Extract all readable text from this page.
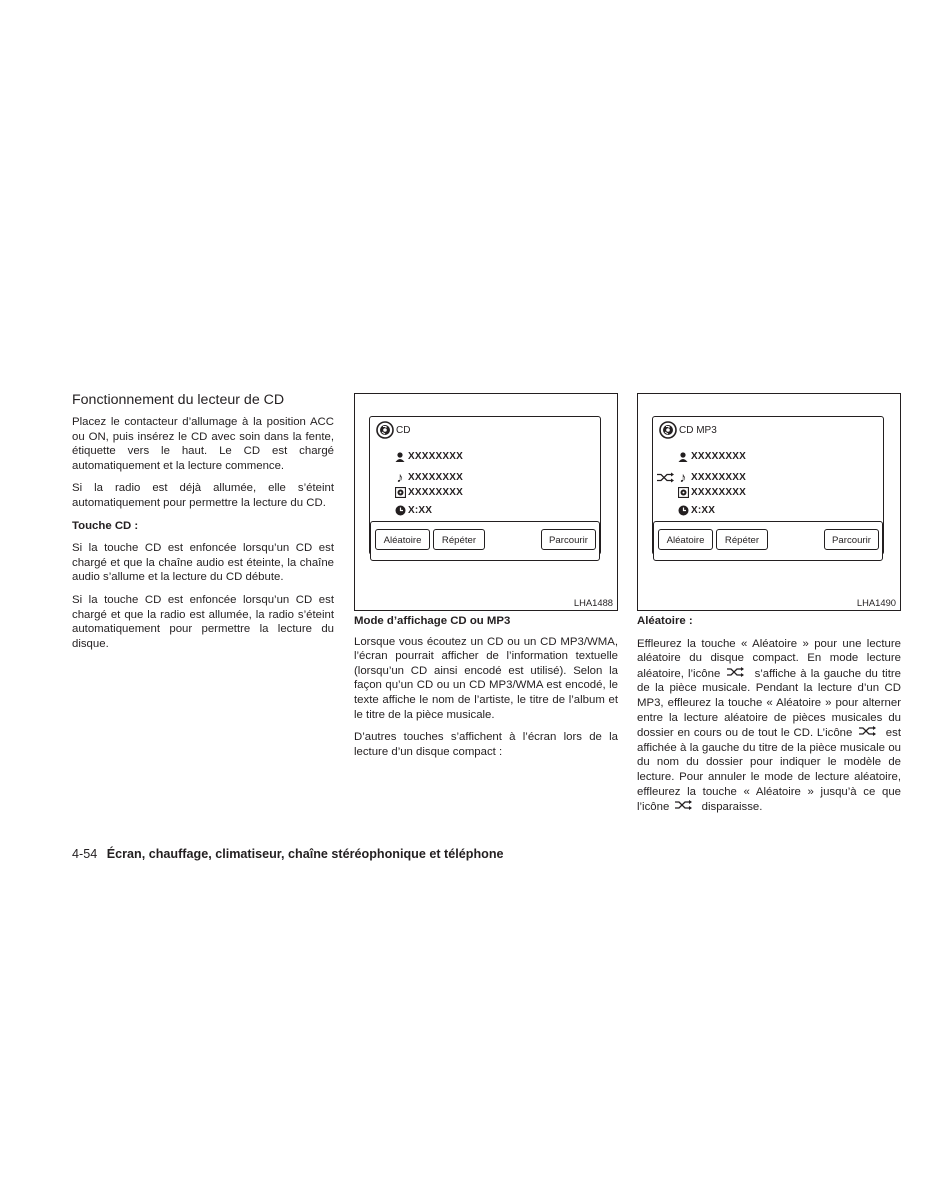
Fonctionnement du lecteur de CD

Placez le contacteur d’allumage à la position ACC ou ON, puis insérez le CD avec soin dans la fente, étiquette vers le haut. Le CD est chargé automatiquement et la lecture commence.

Si la radio est déjà allumée, elle s’éteint automatiquement pour permettre la lecture du CD.

Touche CD :

Si la touche CD est enfoncée lorsqu’un CD est chargé et que la chaîne audio est éteinte, la chaîne audio s’allume et la lecture du CD débute.

Si la touche CD est enfoncée lorsqu’un CD est chargé et que la radio est allumée, la radio s’éteint automatiquement pour permettre la lecture du disque.

CD
XXXXXXXX
♪ XXXXXXXX
XXXXXXXX
X:XX
Aléatoire	Répéter	Parcourir
LHA1488
CD MP3
XXXXXXXX
♪ XXXXXXXX
XXXXXXXX
X:XX
Aléatoire	Répéter	Parcourir
LHA1490

Mode d’affichage CD ou MP3

Lorsque vous écoutez un CD ou un CD MP3/WMA, l’écran pourrait afficher de l’information textuelle (lorsqu’un CD ainsi encodé est utilisé). Selon la façon qu’un CD ou un CD MP3/WMA est encodé, le texte affiche le nom de l’artiste, le titre de l’album et le titre de la pièce musicale.

D’autres touches s’affichent à l’écran lors de la lecture d’un disque compact :

Aléatoire :

Effleurez la touche « Aléatoire » pour une lecture aléatoire du disque compact. En mode lecture aléatoire, l’icône	s’affiche à la gauche du titre de la pièce musicale. Pendant la lecture d’un CD MP3, effleurez la touche « Aléatoire » pour alterner entre la lecture aléatoire de pièces musicales du dossier en cours ou de tout le CD. L’icône	est affichée à la gauche du titre de la pièce musicale ou du nom du dossier pour indiquer le modèle de lecture. Pour annuler le mode de lecture aléatoire, effleurez la touche « Aléatoire » jusqu’à ce que l’icône	disparaisse.

4-54 Écran, chauffage, climatiseur, chaîne stéréophonique et téléphone
